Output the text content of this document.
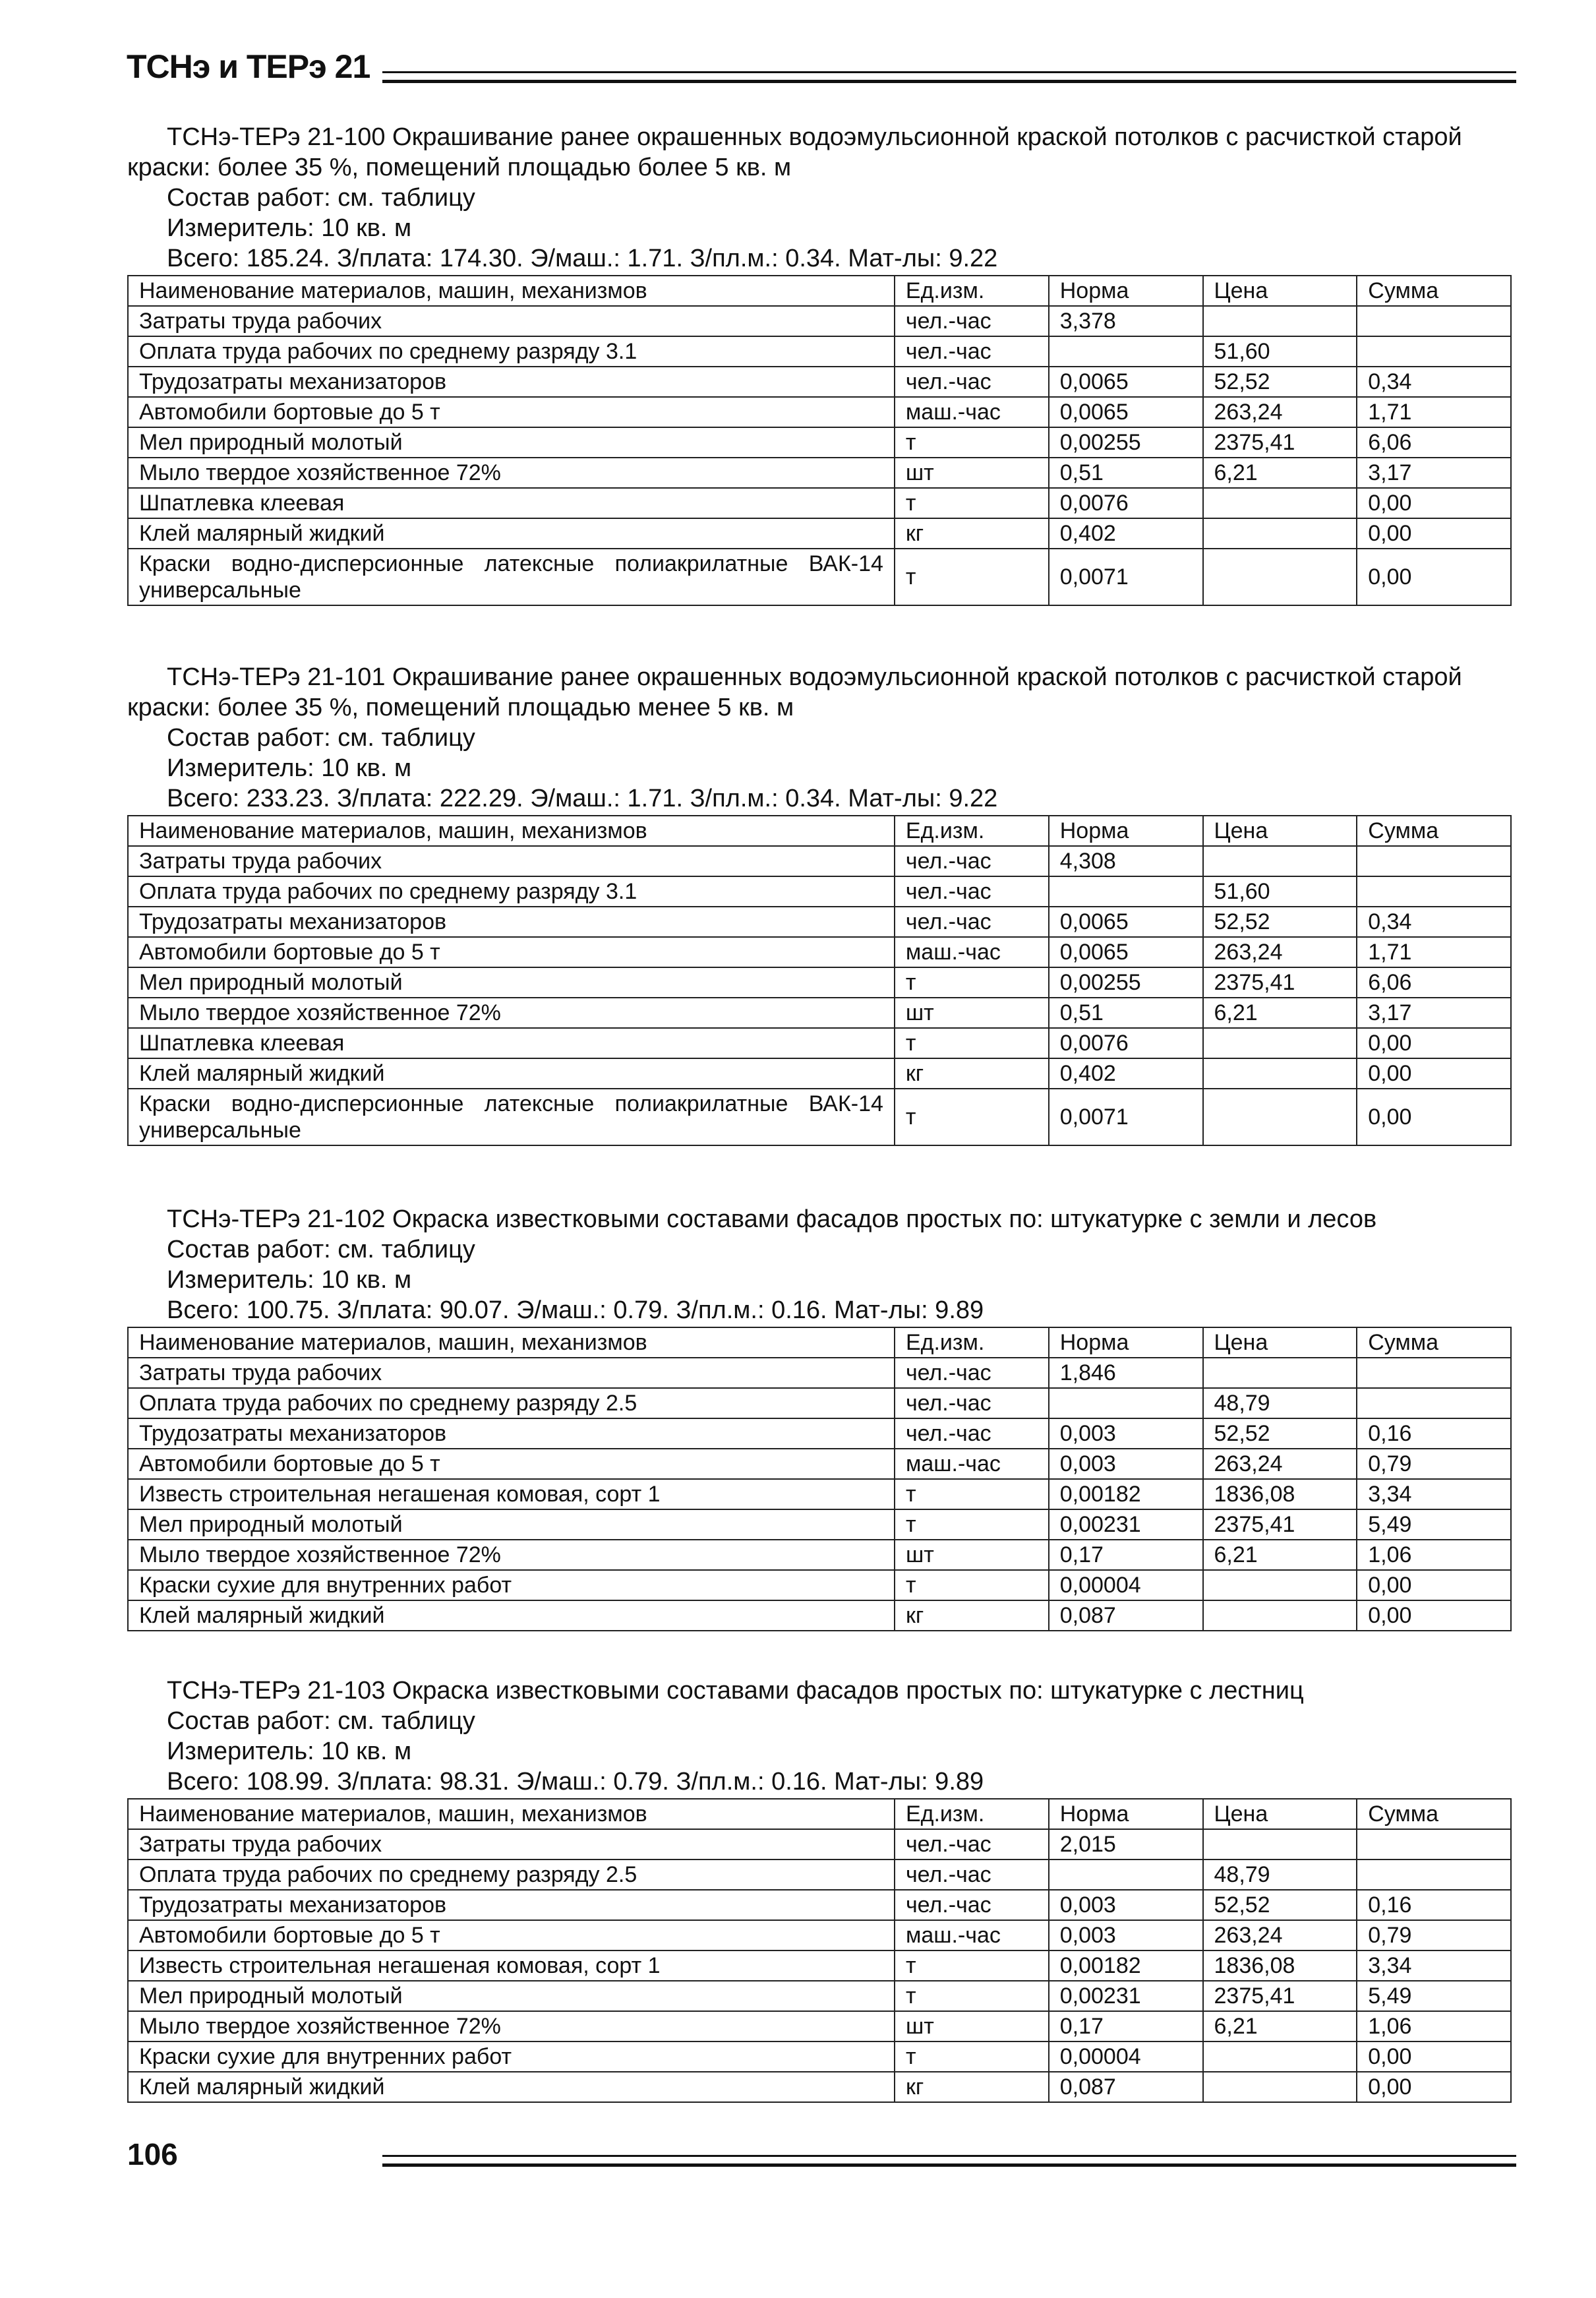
ТСНэ и ТЕРэ 21

ТСНэ-ТЕРэ 21-100 Окрашивание ранее окрашенных водоэмульсионной краской потолков с расчисткой старой краски: более 35 %, помещений площадью более 5 кв. м

Состав работ: см. таблицу

Измеритель: 10 кв. м

Всего: 185.24. З/плата: 174.30. Э/маш.: 1.71. З/пл.м.: 0.34. Мат-лы: 9.22

Наименование материалов, машин, механизмов	Ед.изм.	Норма	Цена	Сумма
Затраты труда рабочих	чел.-час	3,378		
Оплата труда рабочих по среднему разряду 3.1	чел.-час		51,60	
Трудозатраты механизаторов	чел.-час	0,0065	52,52	0,34
Автомобили бортовые до 5 т	маш.-час	0,0065	263,24	1,71
Мел природный молотый	т	0,00255	2375,41	6,06
Мыло твердое хозяйственное 72%	шт	0,51	6,21	3,17
Шпатлевка клеевая	т	0,0076		0,00
Клей малярный жидкий	кг	0,402		0,00
Краски водно-дисперсионные латексные полиакрилатные ВАК-14 универсальные	т	0,0071		0,00

ТСНэ-ТЕРэ 21-101 Окрашивание ранее окрашенных водоэмульсионной краской потолков с расчисткой старой краски: более 35 %, помещений площадью менее 5 кв. м

Состав работ: см. таблицу

Измеритель: 10 кв. м

Всего: 233.23. З/плата: 222.29. Э/маш.: 1.71. З/пл.м.: 0.34. Мат-лы: 9.22

Наименование материалов, машин, механизмов	Ед.изм.	Норма	Цена	Сумма
Затраты труда рабочих	чел.-час	4,308		
Оплата труда рабочих по среднему разряду 3.1	чел.-час		51,60	
Трудозатраты механизаторов	чел.-час	0,0065	52,52	0,34
Автомобили бортовые до 5 т	маш.-час	0,0065	263,24	1,71
Мел природный молотый	т	0,00255	2375,41	6,06
Мыло твердое хозяйственное 72%	шт	0,51	6,21	3,17
Шпатлевка клеевая	т	0,0076		0,00
Клей малярный жидкий	кг	0,402		0,00
Краски водно-дисперсионные латексные полиакрилатные ВАК-14 универсальные	т	0,0071		0,00

ТСНэ-ТЕРэ 21-102 Окраска известковыми составами фасадов простых по: штукатурке с земли и лесов

Состав работ: см. таблицу

Измеритель: 10 кв. м

Всего: 100.75. З/плата: 90.07. Э/маш.: 0.79. З/пл.м.: 0.16. Мат-лы: 9.89

Наименование материалов, машин, механизмов	Ед.изм.	Норма	Цена	Сумма
Затраты труда рабочих	чел.-час	1,846		
Оплата труда рабочих по среднему разряду 2.5	чел.-час		48,79	
Трудозатраты механизаторов	чел.-час	0,003	52,52	0,16
Автомобили бортовые до 5 т	маш.-час	0,003	263,24	0,79
Известь строительная негашеная комовая, сорт 1	т	0,00182	1836,08	3,34
Мел природный молотый	т	0,00231	2375,41	5,49
Мыло твердое хозяйственное 72%	шт	0,17	6,21	1,06
Краски сухие для внутренних работ	т	0,00004		0,00
Клей малярный жидкий	кг	0,087		0,00

ТСНэ-ТЕРэ 21-103 Окраска известковыми составами фасадов простых по: штукатурке с лестниц

Состав работ: см. таблицу

Измеритель: 10 кв. м

Всего: 108.99. З/плата: 98.31. Э/маш.: 0.79. З/пл.м.: 0.16. Мат-лы: 9.89

Наименование материалов, машин, механизмов	Ед.изм.	Норма	Цена	Сумма
Затраты труда рабочих	чел.-час	2,015		
Оплата труда рабочих по среднему разряду 2.5	чел.-час		48,79	
Трудозатраты механизаторов	чел.-час	0,003	52,52	0,16
Автомобили бортовые до 5 т	маш.-час	0,003	263,24	0,79
Известь строительная негашеная комовая, сорт 1	т	0,00182	1836,08	3,34
Мел природный молотый	т	0,00231	2375,41	5,49
Мыло твердое хозяйственное 72%	шт	0,17	6,21	1,06
Краски сухие для внутренних работ	т	0,00004		0,00
Клей малярный жидкий	кг	0,087		0,00
106
